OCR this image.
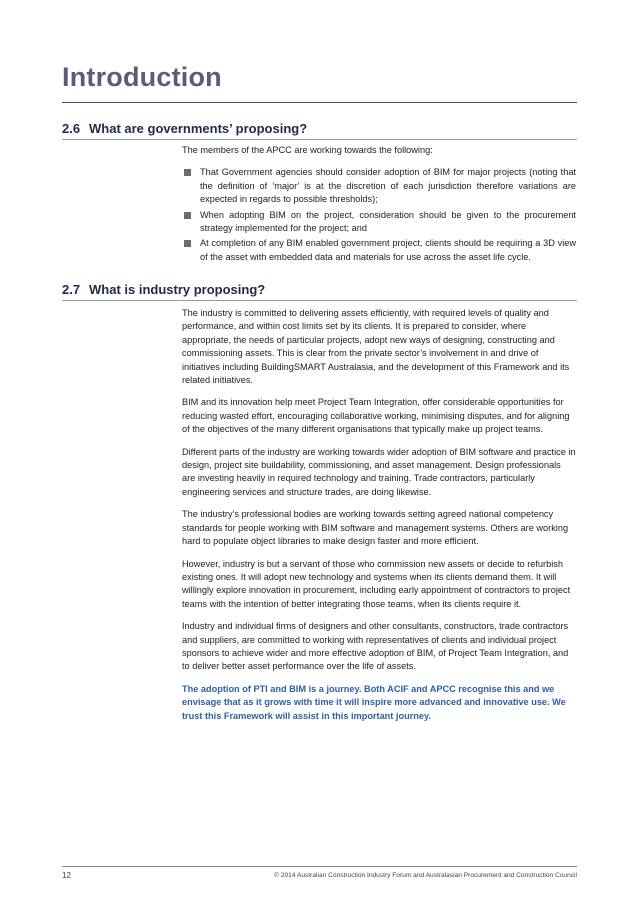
Introduction
2.6 What are governments’ proposing?

The members of the APCC are working towards the following:

That Government agencies should consider adoption of BIM for major projects (noting that the definition of ‘major’ is at the discretion of each jurisdiction therefore variations are expected in regards to possible thresholds);
When adopting BIM on the project, consideration should be given to the procurement strategy implemented for the project; and
At completion of any BIM enabled government project, clients should be requiring a 3D view of the asset with embedded data and materials for use across the asset life cycle.
2.7 What is industry proposing?

The industry is committed to delivering assets efficiently, with required levels of quality and performance, and within cost limits set by its clients. It is prepared to consider, where appropriate, the needs of particular projects, adopt new ways of designing, constructing and commissioning assets. This is clear from the private sector’s involvement in and drive of initiatives including BuildingSMART Australasia, and the development of this Framework and its related initiatives.

BIM and its innovation help meet Project Team Integration, offer considerable opportunities for reducing wasted effort, encouraging collaborative working, minimising disputes, and for aligning of the objectives of the many different organisations that typically make up project teams.

Different parts of the industry are working towards wider adoption of BIM software and practice in design, project site buildability, commissioning, and asset management. Design professionals are investing heavily in required technology and training. Trade contractors, particularly engineering services and structure trades, are doing likewise.

The industry’s professional bodies are working towards setting agreed national competency standards for people working with BIM software and management systems. Others are working hard to populate object libraries to make design faster and more efficient.

However, industry is but a servant of those who commission new assets or decide to refurbish existing ones. It will adopt new technology and systems when its clients demand them. It will willingly explore innovation in procurement, including early appointment of contractors to project teams with the intention of better integrating those teams, when its clients require it.

Industry and individual firms of designers and other consultants, constructors, trade contractors and suppliers, are committed to working with representatives of clients and individual project sponsors to achieve wider and more effective adoption of BIM, of Project Team Integration, and to deliver better asset performance over the life of assets.

The adoption of PTI and BIM is a journey. Both ACIF and APCC recognise this and we envisage that as it grows with time it will inspire more advanced and innovative use. We trust this Framework will assist in this important journey.

12	© 2014 Australian Construction Industry Forum and Australasian Procurement and Construction Council
